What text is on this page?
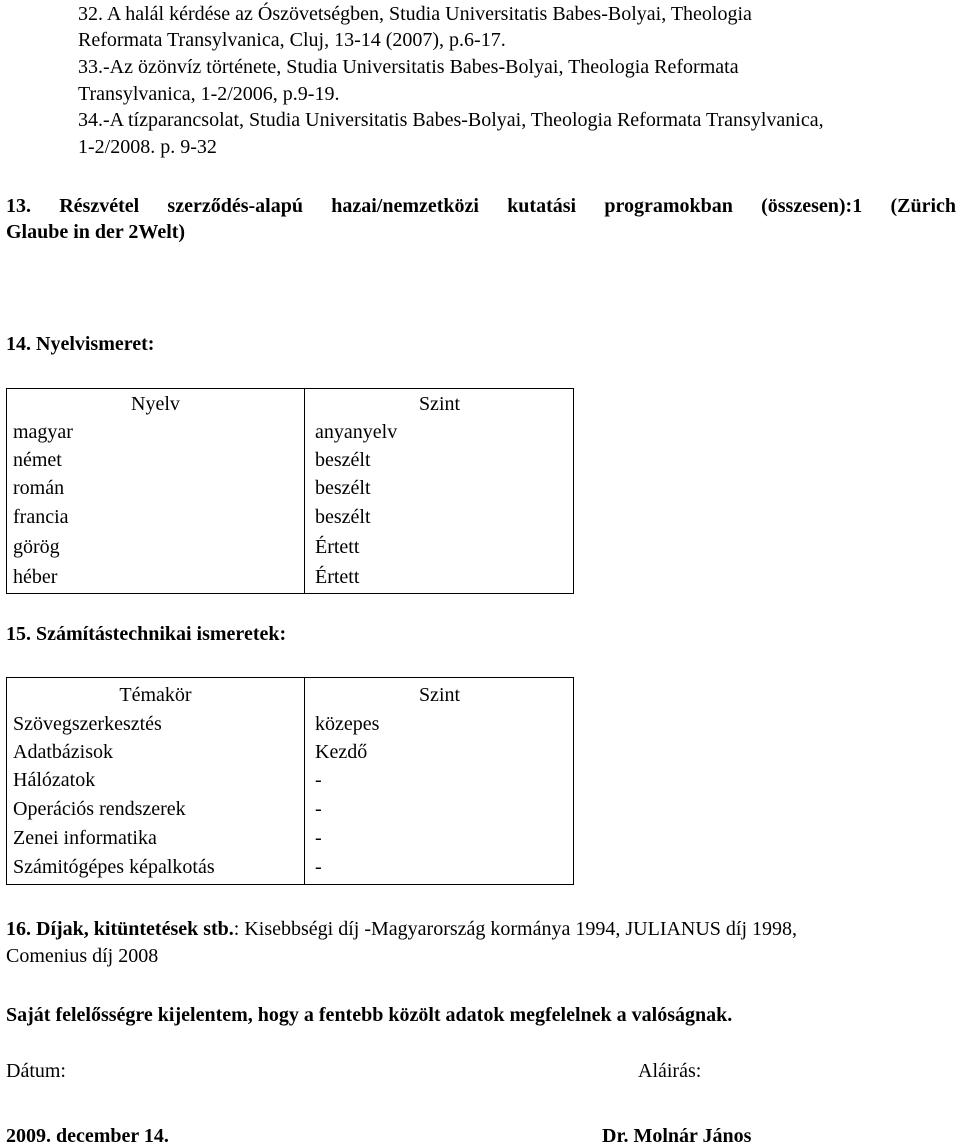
32. A halál kérdése az Ószövetségben, Studia Universitatis Babes-Bolyai, Theologia
Reformata Transylvanica, Cluj, 13-14 (2007), p.6-17.
33.-Az özönvíz története, Studia Universitatis Babes-Bolyai, Theologia Reformata
Transylvanica, 1-2/2006, p.9-19.
34.-A tízparancsolat, Studia Universitatis Babes-Bolyai, Theologia Reformata Transylvanica,
1-2/2008. p. 9-32
13. Részvétel szerződés-alapú hazai/nemzetközi kutatási programokban (összesen):1 (Zürich
Glaube in der 2Welt)
14. Nyelvismeret:
Nyelv	Szint
magyar	anyanyelv
német	beszélt
román	beszélt
francia	beszélt
görög	Értett
héber	Értett
15. Számítástechnikai ismeretek:
Témakör	Szint
Szövegszerkesztés	közepes
Adatbázisok	Kezdő
Hálózatok	-
Operációs rendszerek	-
Zenei informatika	-
Számitógépes képalkotás	-
16. Díjak, kitüntetések stb.: Kisebbségi díj -Magyarország kormánya 1994, JULIANUS díj 1998,
Comenius díj 2008
Saját felelősségre kijelentem, hogy a fentebb közölt adatok megfelelnek a valóságnak.
Dátum:	Aláirás:
2009. december 14.	Dr. Molnár János
